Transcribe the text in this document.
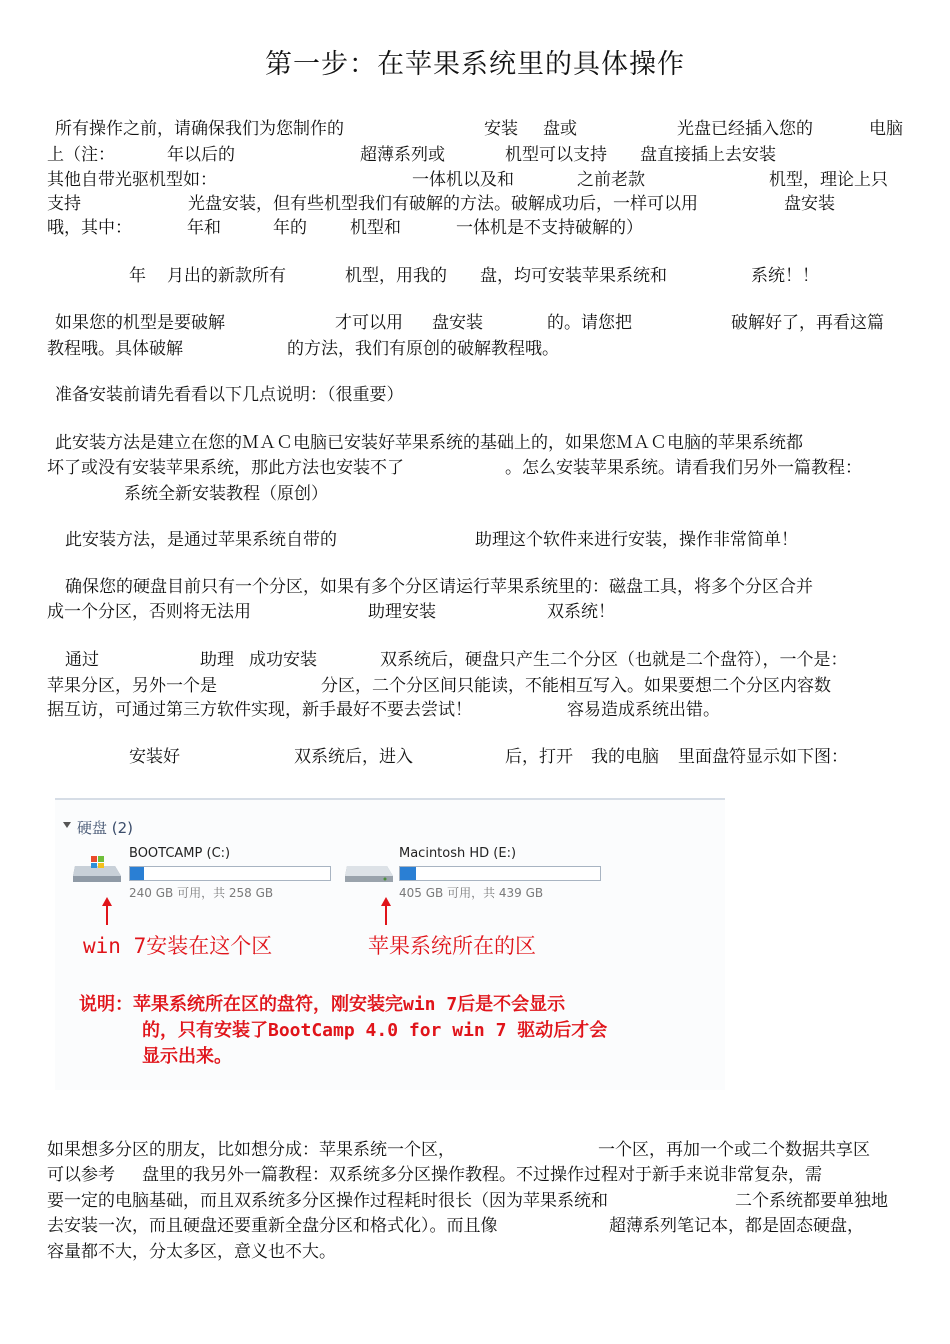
第一步：在苹果系统里的具体操作
所有操作之前，请确保我们为您制作的	安装 盘或	光盘已经插入您的	电脑
上（注：	年以后的	超薄系列或	机型可以支持 盘直接插上去安装
其他自带光驱机型如：	一体机以及和	之前老款	机型，理论上只
支持	光盘安装，但有些机型我们有破解的方法。破解成功后，一样可以用	盘安装
哦，其中：	年和	年的	机型和	一体机是不支持破解的）
年 月出的新款所有	机型，用我的 盘，均可安装苹果系统和	系统！！
如果您的机型是要破解	才可以用 盘安装	的。请您把	破解好了，再看这篇
教程哦。具体破解	的方法，我们有原创的破解教程哦。
准备安装前请先看看以下几点说明：（很重要）
此安装方法是建立在您的ＭＡＣ电脑已安装好苹果系统的基础上的，如果您ＭＡＣ电脑的苹果系统都
坏了或没有安装苹果系统，那此方法也安装不了	。怎么安装苹果系统。请看我们另外一篇教程：
系统全新安装教程（原创）
此安装方法，是通过苹果系统自带的	助理这个软件来进行安装，操作非常简单！
确保您的硬盘目前只有一个分区，如果有多个分区请运行苹果系统里的：磁盘工具，将多个分区合并
成一个分区，否则将无法用	助理安装	双系统！
通过	助理 成功安装	双系统后，硬盘只产生二个分区（也就是二个盘符），一个是：
苹果分区，另外一个是	分区，二个分区间只能读，不能相互写入。如果要想二个分区内容数
据互访，可通过第三方软件实现，新手最好不要去尝试！	容易造成系统出错。
安装好	双系统后，进入	后，打开 我的电脑 里面盘符显示如下图：
硬盘 (2)
BOOTCAMP (C:)
240 GB 可用，共 258 GB
Macintosh HD (E:)
405 GB 可用，共 439 GB
win 7安装在这个区	苹果系统所在的区
说明：苹果系统所在区的盘符，刚安装完win 7后是不会显示
的，只有安装了BootCamp 4.0 for win 7 驱动后才会
显示出来。
如果想多分区的朋友，比如想分成：苹果系统一个区，	一个区，再加一个或二个数据共享区
可以参考 盘里的我另外一篇教程：双系统多分区操作教程。不过操作过程对于新手来说非常复杂，需
要一定的电脑基础，而且双系统多分区操作过程耗时很长（因为苹果系统和	二个系统都要单独地
去安装一次，而且硬盘还要重新全盘分区和格式化）。而且像	超薄系列笔记本，都是固态硬盘，
容量都不大，分太多区，意义也不大。
